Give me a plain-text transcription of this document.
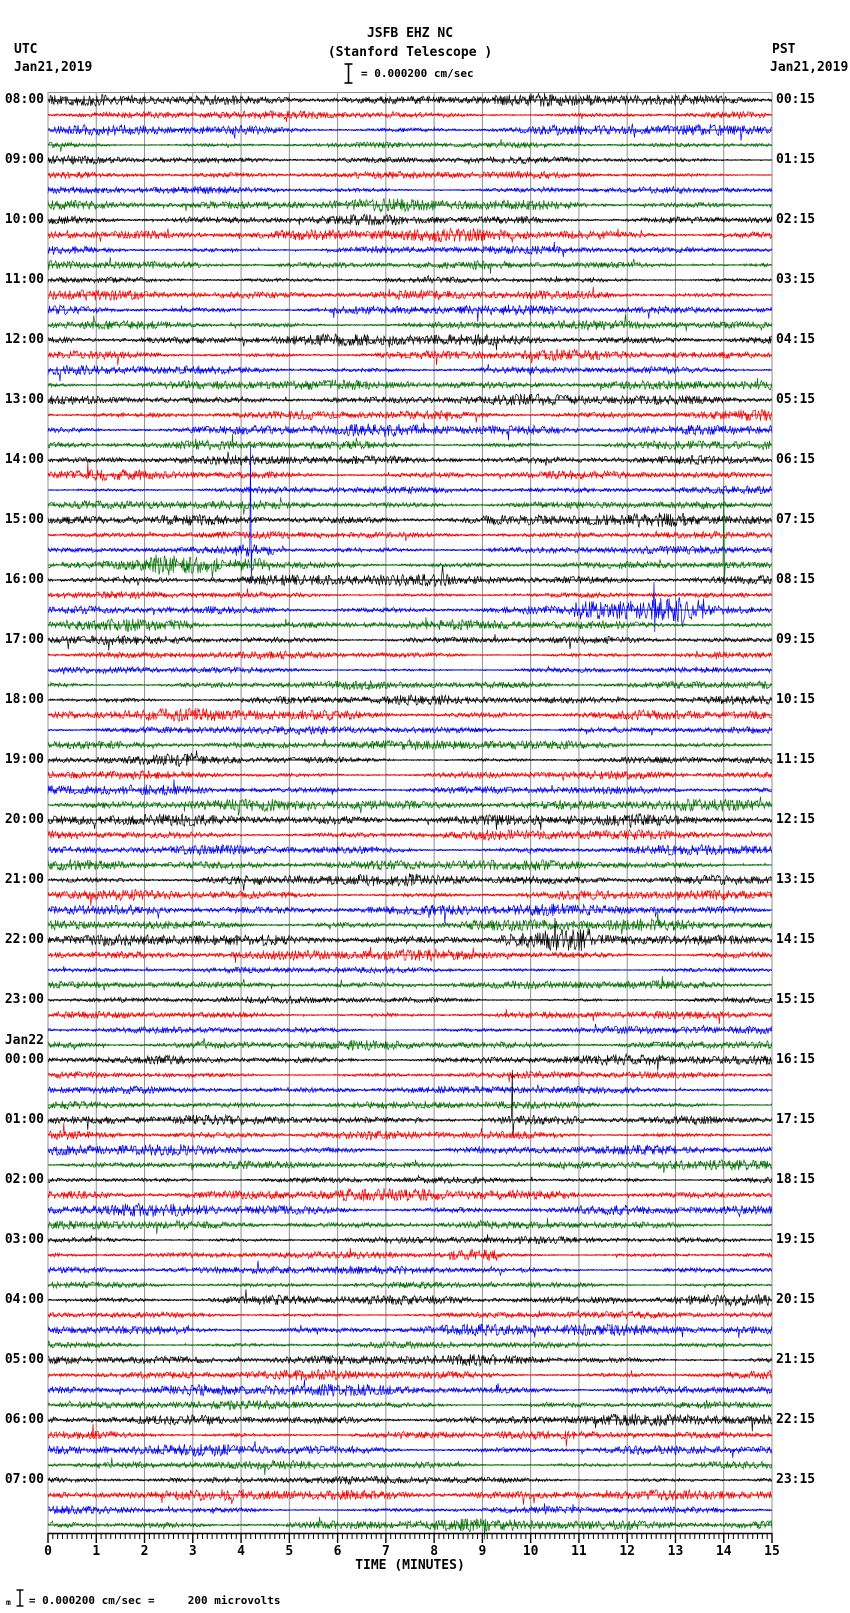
JSFB EHZ NC
(Stanford Telescope )
UTC
Jan21,2019
PST
Jan21,2019
= 0.000200 cm/sec
0	1	2	3	4	5	6	7	8	9	10	11	12	13	14	15
TIME (MINUTES)
08:00
09:00
10:00
11:00
12:00
13:00
14:00
15:00
16:00
17:00
18:00
19:00
20:00
21:00
22:00
23:00
Jan22
00:00
01:00
02:00
03:00
04:00
05:00
06:00
07:00
00:15
01:15
02:15
03:15
04:15
05:15
06:15
07:15
08:15
09:15
10:15
11:15
12:15
13:15
14:15
15:15
16:15
17:15
18:15
19:15
20:15
21:15
22:15
23:15
m = 0.000200 cm/sec =     200 microvolts
